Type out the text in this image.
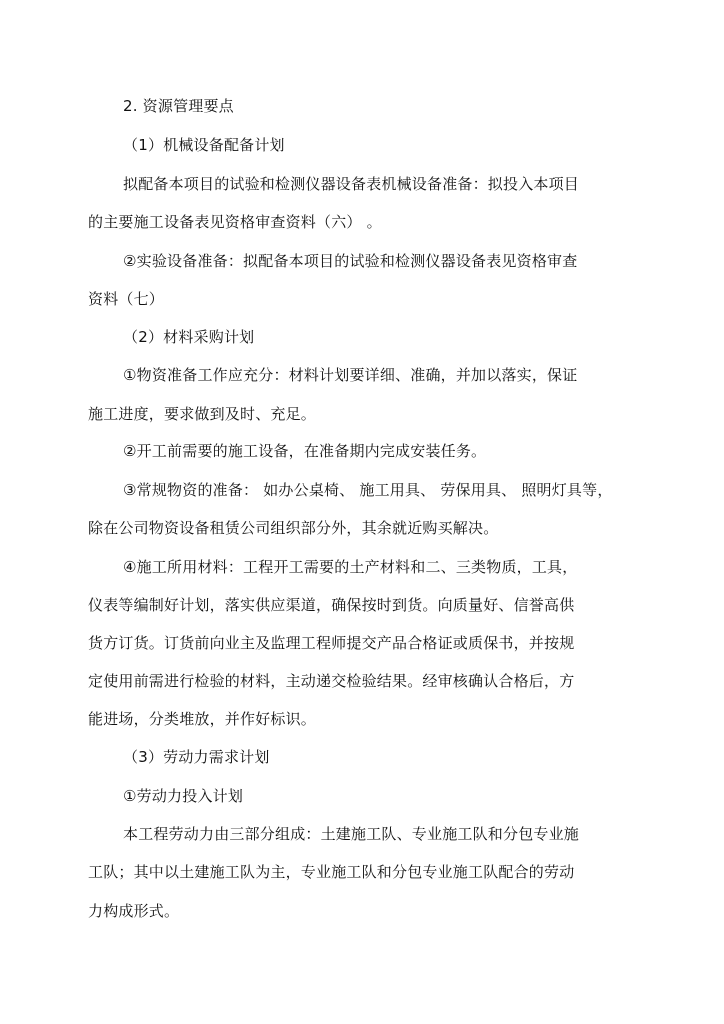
2. 资源管理要点

（1）机械设备配备计划

拟配备本项目的试验和检测仪器设备表机械设备准备：拟投入本项目

的主要施工设备表见资格审查资料（六） 。

②实验设备准备：拟配备本项目的试验和检测仪器设备表见资格审查

资料（七）

（2）材料采购计划

①物资准备工作应充分：材料计划要详细、准确，并加以落实，保证

施工进度，要求做到及时、充足。

②开工前需要的施工设备，在准备期内完成安装任务。

③常规物资的准备： 如办公桌椅、 施工用具、 劳保用具、 照明灯具等，

除在公司物资设备租赁公司组织部分外，其余就近购买解决。

④施工所用材料：工程开工需要的土产材料和二、三类物质，工具，

仪表等编制好计划，落实供应渠道，确保按时到货。向质量好、信誉高供

货方订货。订货前向业主及监理工程师提交产品合格证或质保书，并按规

定使用前需进行检验的材料，主动递交检验结果。经审核确认合格后，方

能进场，分类堆放，并作好标识。

（3）劳动力需求计划

①劳动力投入计划

本工程劳动力由三部分组成：土建施工队、专业施工队和分包专业施

工队；其中以土建施工队为主，专业施工队和分包专业施工队配合的劳动

力构成形式。
